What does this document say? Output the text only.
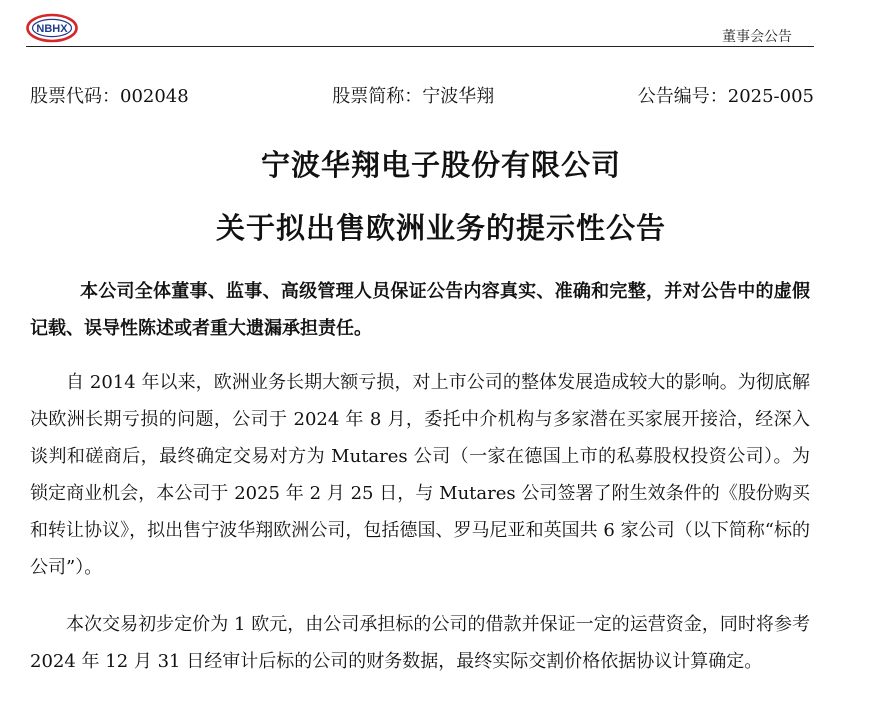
NBHX	董事会公告
股票代码：002048	股票简称：宁波华翔	公告编号：2025-005
宁波华翔电子股份有限公司
关于拟出售欧洲业务的提示性公告
本公司全体董事、监事、高级管理人员保证公告内容真实、准确和完整，并对公告中的虚假记载、误导性陈述或者重大遗漏承担责任。
自 2014 年以来，欧洲业务长期大额亏损，对上市公司的整体发展造成较大的影响。为彻底解决欧洲长期亏损的问题，公司于 2024 年 8 月，委托中介机构与多家潜在买家展开接洽，经深入谈判和磋商后，最终确定交易对方为 Mutares 公司（一家在德国上市的私募股权投资公司）。为锁定商业机会，本公司于 2025 年 2 月 25 日，与 Mutares 公司签署了附生效条件的《股份购买和转让协议》，拟出售宁波华翔欧洲公司，包括德国、罗马尼亚和英国共 6 家公司（以下简称“标的公司”）。
本次交易初步定价为 1 欧元，由公司承担标的公司的借款并保证一定的运营资金，同时将参考 2024 年 12 月 31 日经审计后标的公司的财务数据，最终实际交割价格依据协议计算确定。
